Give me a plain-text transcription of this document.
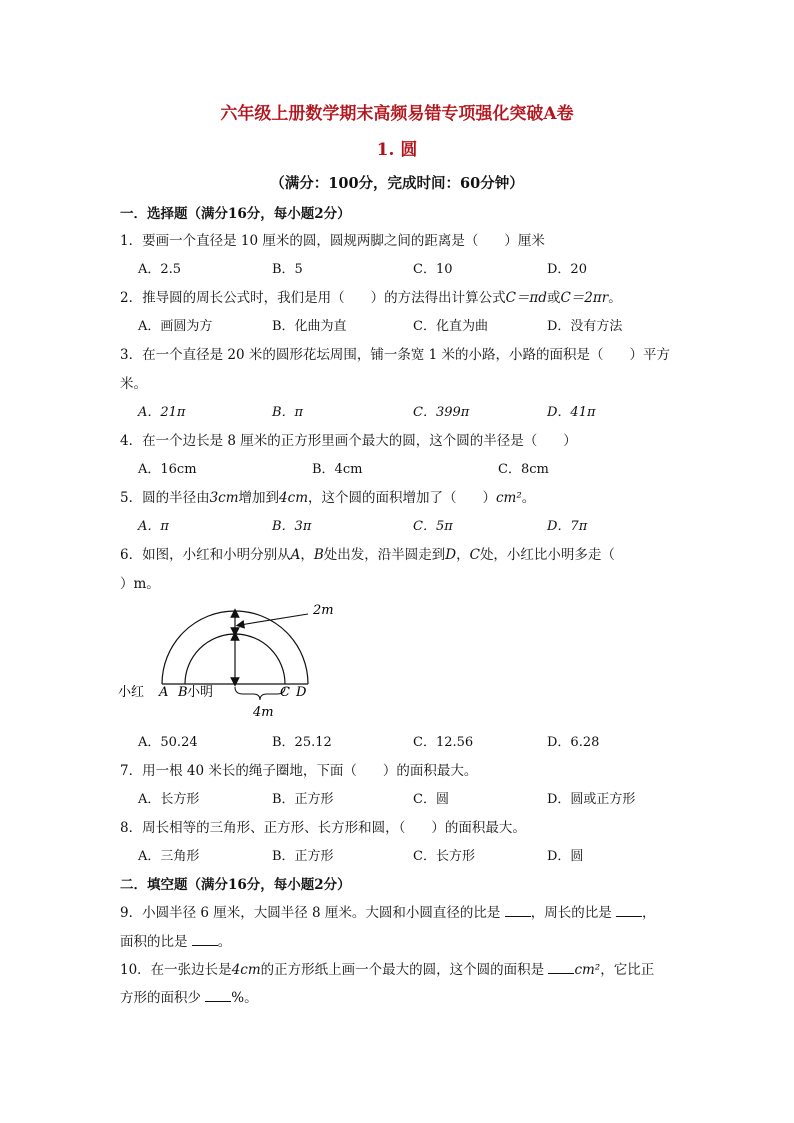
六年级上册数学期末高频易错专项强化突破A卷
1. 圆
（满分：100分，完成时间：60分钟）
一．选择题（满分16分，每小题2分）
1．要画一个直径是 10 厘米的圆，圆规两脚之间的距离是（ ）厘米
A．2.5	B．5	C．10	D．20
2．推导圆的周长公式时，我们是用（ ）的方法得出计算公式C＝πd或C＝2πr。
A．画圆为方	B．化曲为直	C．化直为曲	D．没有方法
3．在一个直径是 20 米的圆形花坛周围，铺一条宽 1 米的小路，小路的面积是（ ）平方
米。
A．21π	B．π	C．399π	D．41π
4．在一个边长是 8 厘米的正方形里画个最大的圆，这个圆的半径是（ ）
A．16cm	B．4cm	C．8cm
5．圆的半径由3cm增加到4cm，这个圆的面积增加了（ ）cm²。
A．π	B．3π	C．5π	D．7π
6．如图，小红和小明分别从A，B处出发，沿半圆走到D，C处，小红比小明多走（
）m。
2m
4m
小红 A B 小明	C D
A．50.24	B．25.12	C．12.56	D．6.28
7．用一根 40 米长的绳子圈地，下面（ ）的面积最大。
A．长方形	B．正方形	C．圆	D．圆或正方形
8．周长相等的三角形、正方形、长方形和圆，（ ）的面积最大。
A．三角形	B．正方形	C．长方形	D．圆
二．填空题（满分16分，每小题2分）
9．小圆半径 6 厘米，大圆半径 8 厘米。大圆和小圆直径的比是 ，周长的比是 ，
面积的比是 。
10．在一张边长是4cm的正方形纸上画一个最大的圆，这个圆的面积是 cm²，它比正
方形的面积少 %。
